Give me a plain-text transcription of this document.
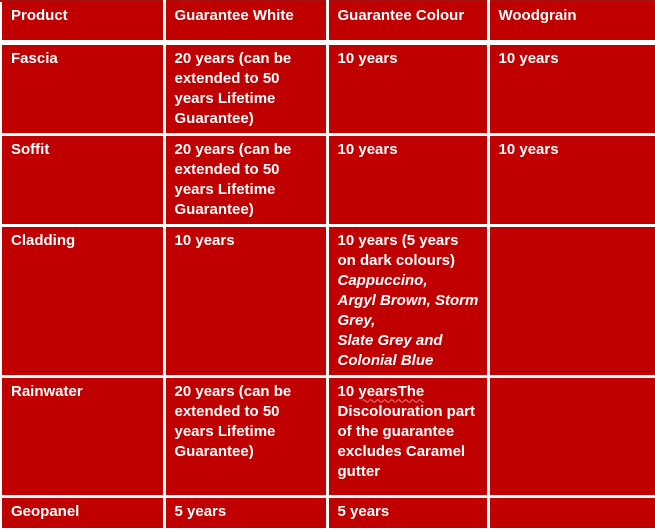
Product	Guarantee White	Guarantee Colour	Woodgrain
Fascia	20 years (can be extended to 50 years Lifetime Guarantee)	10 years	10 years

Soffit	20 years (can be extended to 50 years Lifetime Guarantee)	10 years	10 years

Cladding	10 years	10 years (5 years on dark colours)
Cappuccino,
Argyl Brown, Storm Grey,
Slate Grey and Colonial Blue	

Rainwater	20 years (can be extended to 50 years Lifetime Guarantee)	10 yearsThe Discolouration part of the guarantee excludes Caramel gutter	

Geopanel	5 years	5 years	
